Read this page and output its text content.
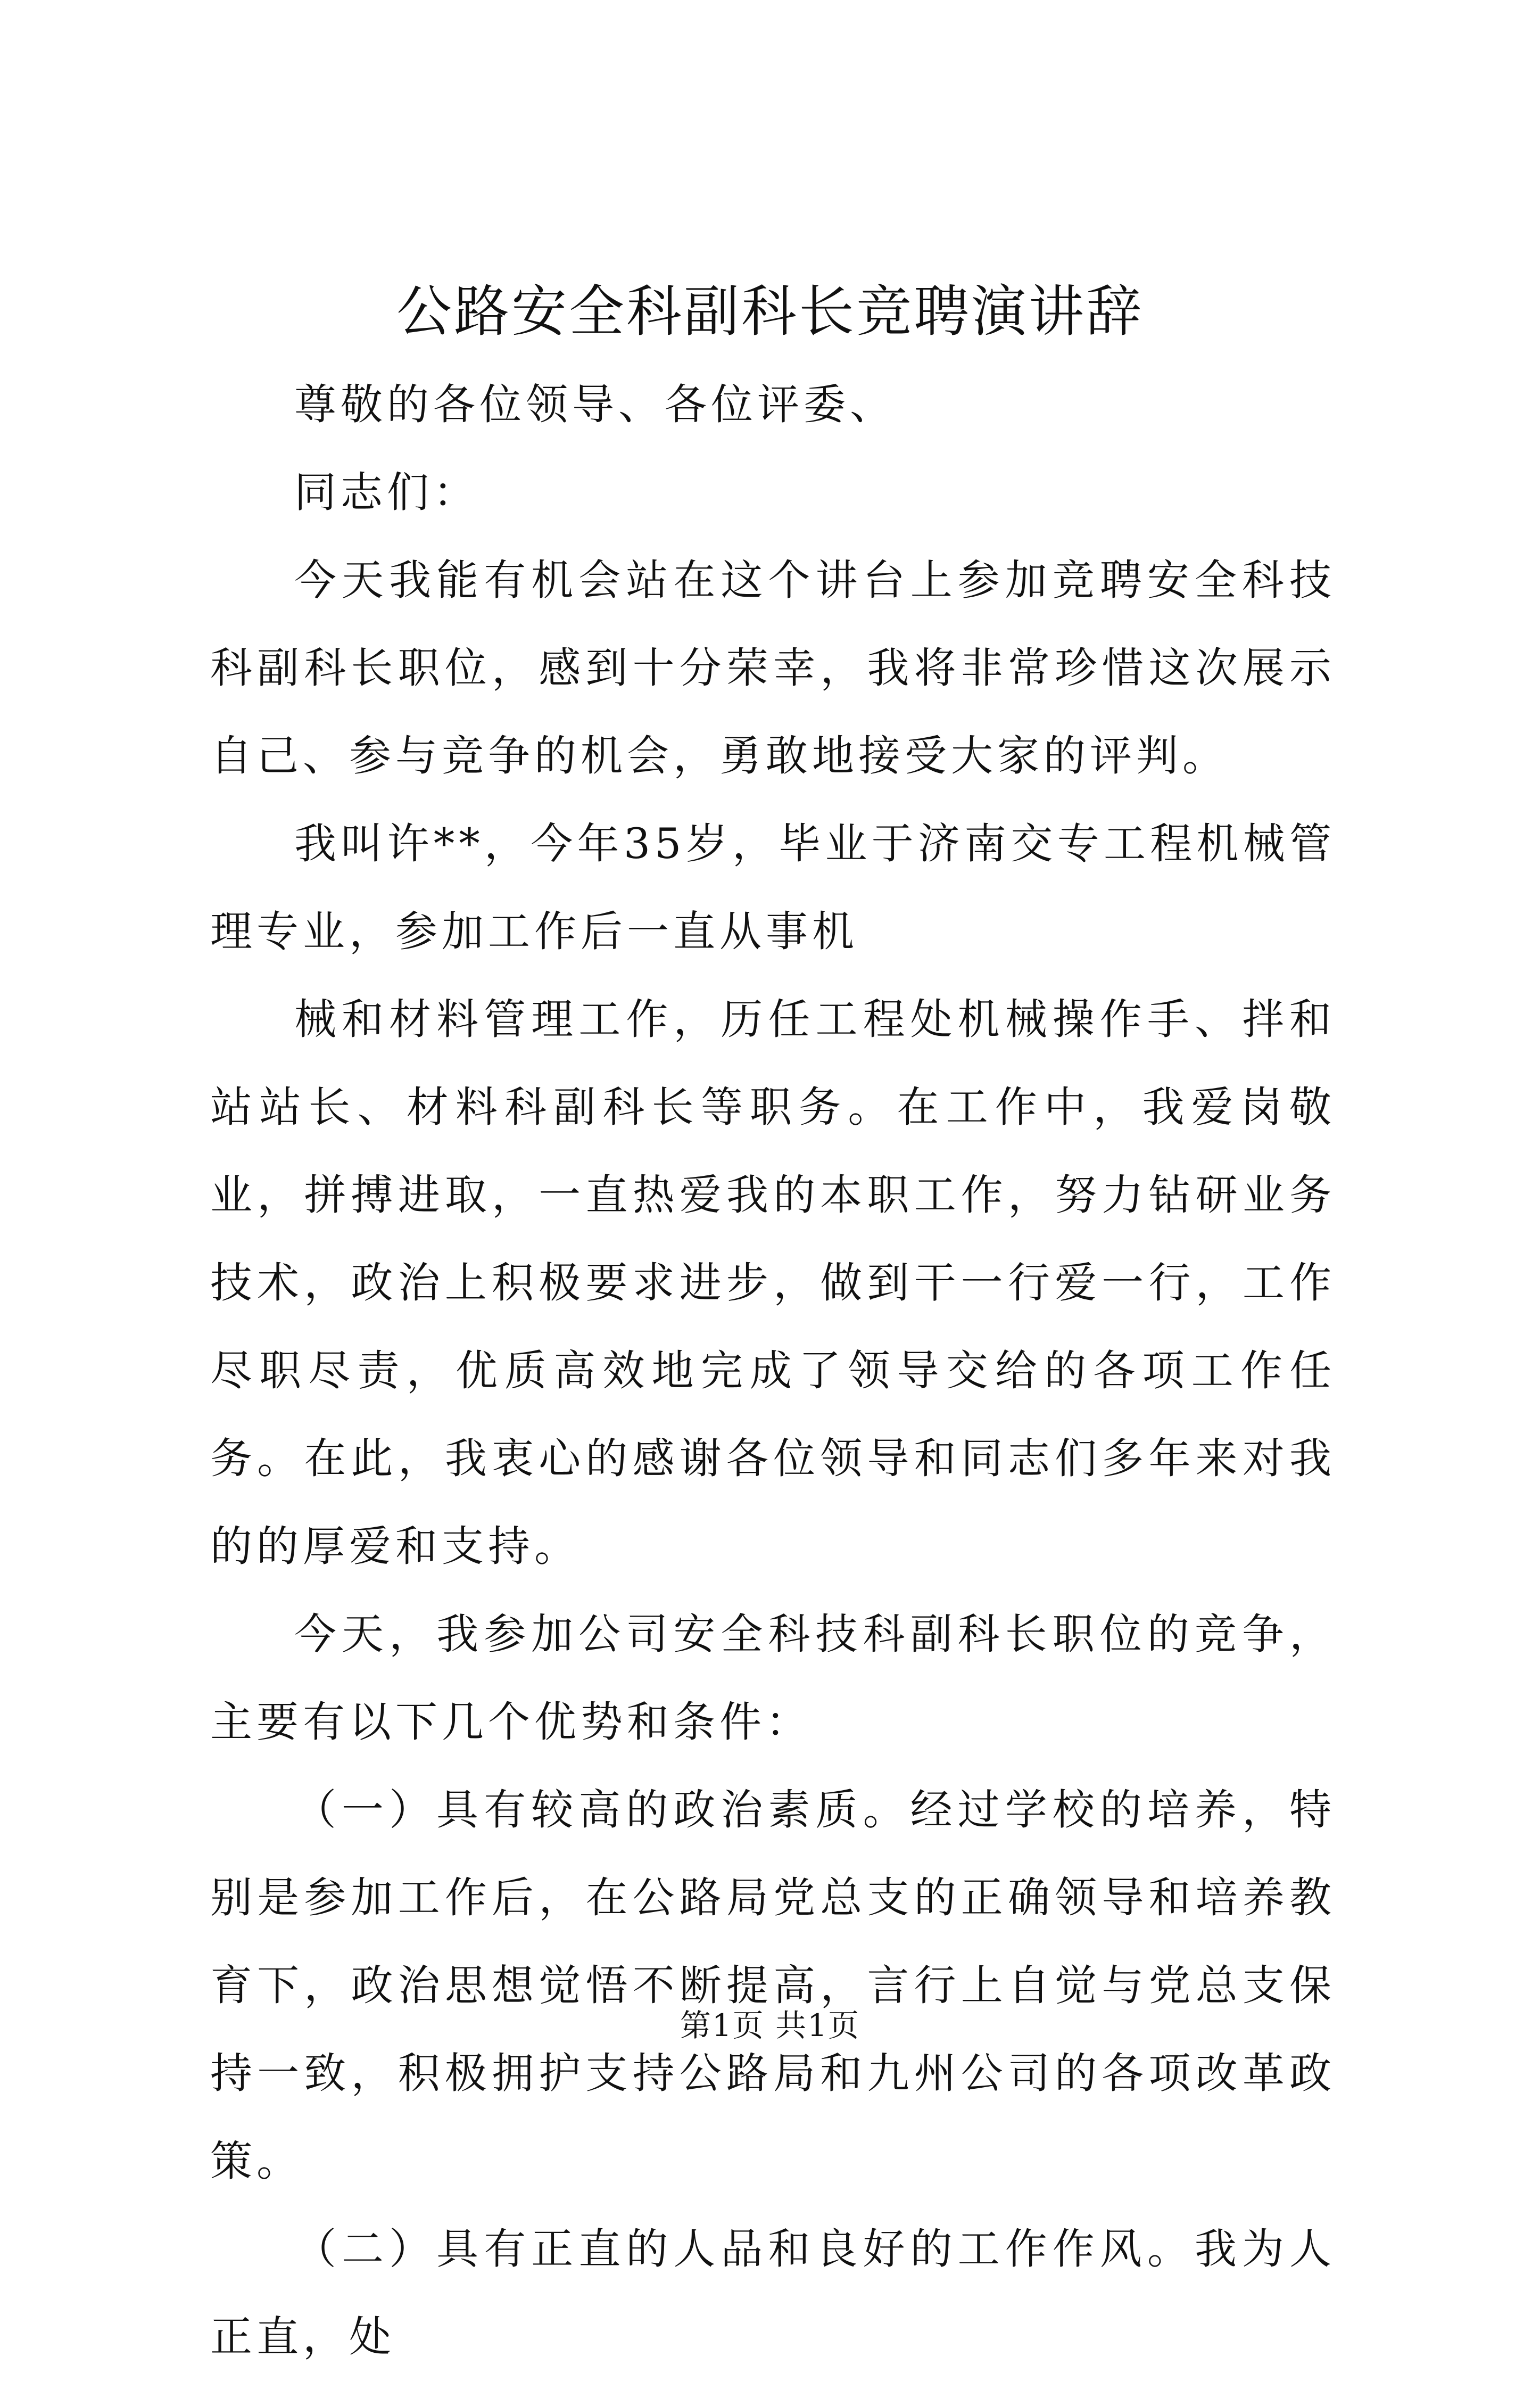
公路安全科副科长竞聘演讲辞

尊敬的各位领导、各位评委、

同志们：

今天我能有机会站在这个讲台上参加竞聘安全科技科副科长职位，感到十分荣幸，我将非常珍惜这次展示自己、参与竞争的机会，勇敢地接受大家的评判。

我叫许**，今年35岁，毕业于济南交专工程机械管理专业，参加工作后一直从事机

械和材料管理工作，历任工程处机械操作手、拌和站站长、材料科副科长等职务。在工作中，我爱岗敬业，拼搏进取，一直热爱我的本职工作，努力钻研业务技术，政治上积极要求进步，做到干一行爱一行，工作尽职尽责，优质高效地完成了领导交给的各项工作任务。在此，我衷心的感谢各位领导和同志们多年来对我的的厚爱和支持。

今天，我参加公司安全科技科副科长职位的竞争，主要有以下几个优势和条件：

（一）具有较高的政治素质。经过学校的培养，特别是参加工作后，在公路局党总支的正确领导和培养教育下，政治思想觉悟不断提高，言行上自觉与党总支保持一致，积极拥护支持公路局和九州公司的各项改革政策。

（二）具有正直的人品和良好的工作作风。我为人正直，处

第1页 共1页
